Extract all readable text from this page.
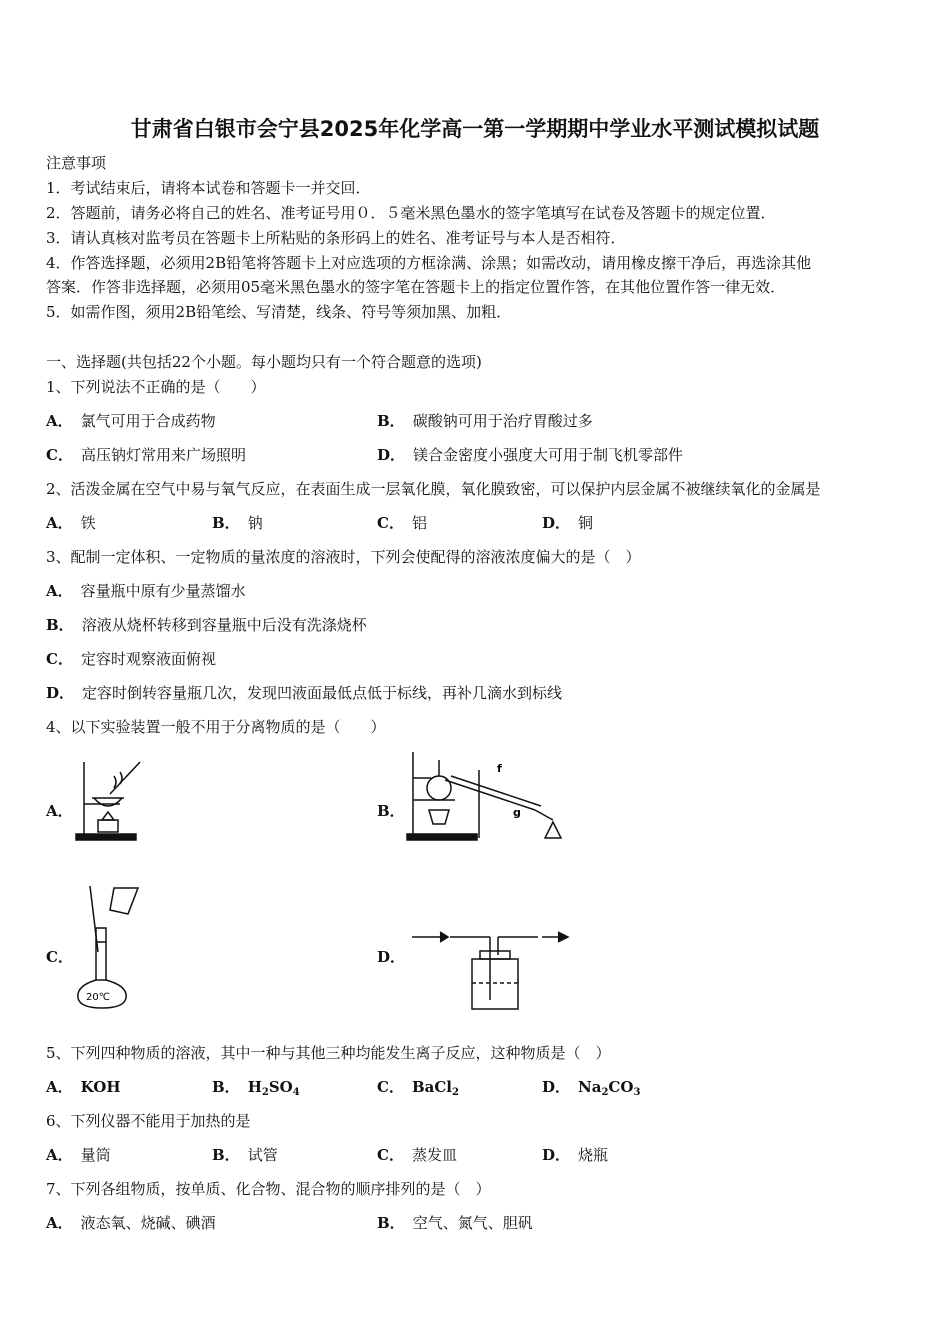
甘肃省白银市会宁县2025年化学高一第一学期期中学业水平测试模拟试题
注意事项
1．考试结束后，请将本试卷和答题卡一并交回．
2．答题前，请务必将自己的姓名、准考证号用０．５毫米黑色墨水的签字笔填写在试卷及答题卡的规定位置．
3．请认真核对监考员在答题卡上所粘贴的条形码上的姓名、准考证号与本人是否相符．
4．作答选择题，必须用2B铅笔将答题卡上对应选项的方框涂满、涂黑；如需改动，请用橡皮擦干净后，再选涂其他
答案．作答非选择题，必须用05毫米黑色墨水的签字笔在答题卡上的指定位置作答，在其他位置作答一律无效．
5．如需作图，须用2B铅笔绘、写清楚，线条、符号等须加黑、加粗．
一、选择题(共包括22个小题。每小题均只有一个符合题意的选项)
1、下列说法不正确的是（　　）
A． 氯气可用于合成药物	B． 碳酸钠可用于治疗胃酸过多
C． 高压钠灯常用来广场照明	D． 镁合金密度小强度大可用于制飞机零部件
2、活泼金属在空气中易与氧气反应，在表面生成一层氧化膜，氧化膜致密，可以保护内层金属不被继续氧化的金属是
A． 铁	B． 钠	C． 铝	D． 铜
3、配制一定体积、一定物质的量浓度的溶液时，下列会使配得的溶液浓度偏大的是（　）
A． 容量瓶中原有少量蒸馏水
B． 溶液从烧杯转移到容量瓶中后没有洗涤烧杯
C． 定容时观察液面俯视
D． 定容时倒转容量瓶几次，发现凹液面最低点低于标线，再补几滴水到标线
4、以下实验装置一般不用于分离物质的是（　　）
A．	B．
f
g
C．
20℃
D．
5、下列四种物质的溶液，其中一种与其他三种均能发生离子反应，这种物质是（　）
A． KOH	B． $H_2SO_4$	C． BaCl$_2$	D． $Na_2CO_3$
6、下列仪器不能用于加热的是
A． 量筒	B． 试管	C． 蒸发皿	D． 烧瓶
7、下列各组物质，按单质、化合物、混合物的顺序排列的是（　）
A． 液态氧、烧碱、碘酒	B． 空气、氮气、胆矾
